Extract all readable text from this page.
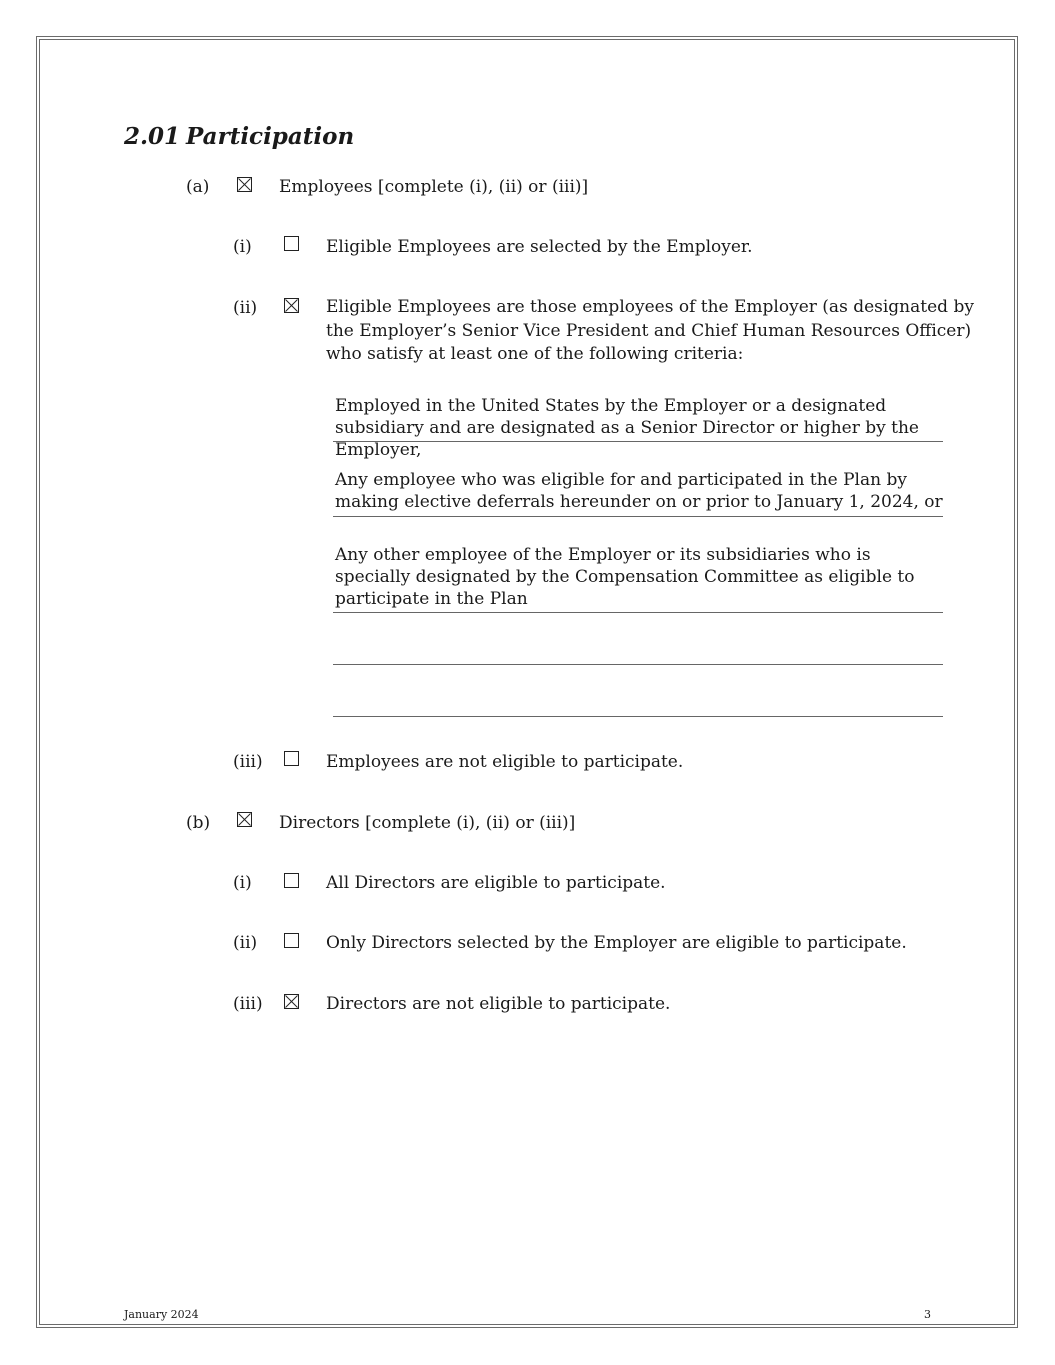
2.01 Participation
(a)	Employees [complete (i), (ii) or (iii)]
(i)	Eligible Employees are selected by the Employer.
(ii)	Eligible Employees are those employees of the Employer (as designated by
the Employer’s Senior Vice President and Chief Human Resources Officer)
who satisfy at least one of the following criteria:
Employed in the United States by the Employer or a designated subsidiary and are designated as a Senior Director or higher by the Employer,
Any employee who was eligible for and participated in the Plan by making elective deferrals hereunder on or prior to January 1, 2024, or
Any other employee of the Employer or its subsidiaries who is specially designated by the Compensation Committee as eligible to participate in the Plan
(iii)	Employees are not eligible to participate.
(b)	Directors [complete (i), (ii) or (iii)]
(i)	All Directors are eligible to participate.
(ii)	Only Directors selected by the Employer are eligible to participate.
(iii)	Directors are not eligible to participate.
January 2024	3
